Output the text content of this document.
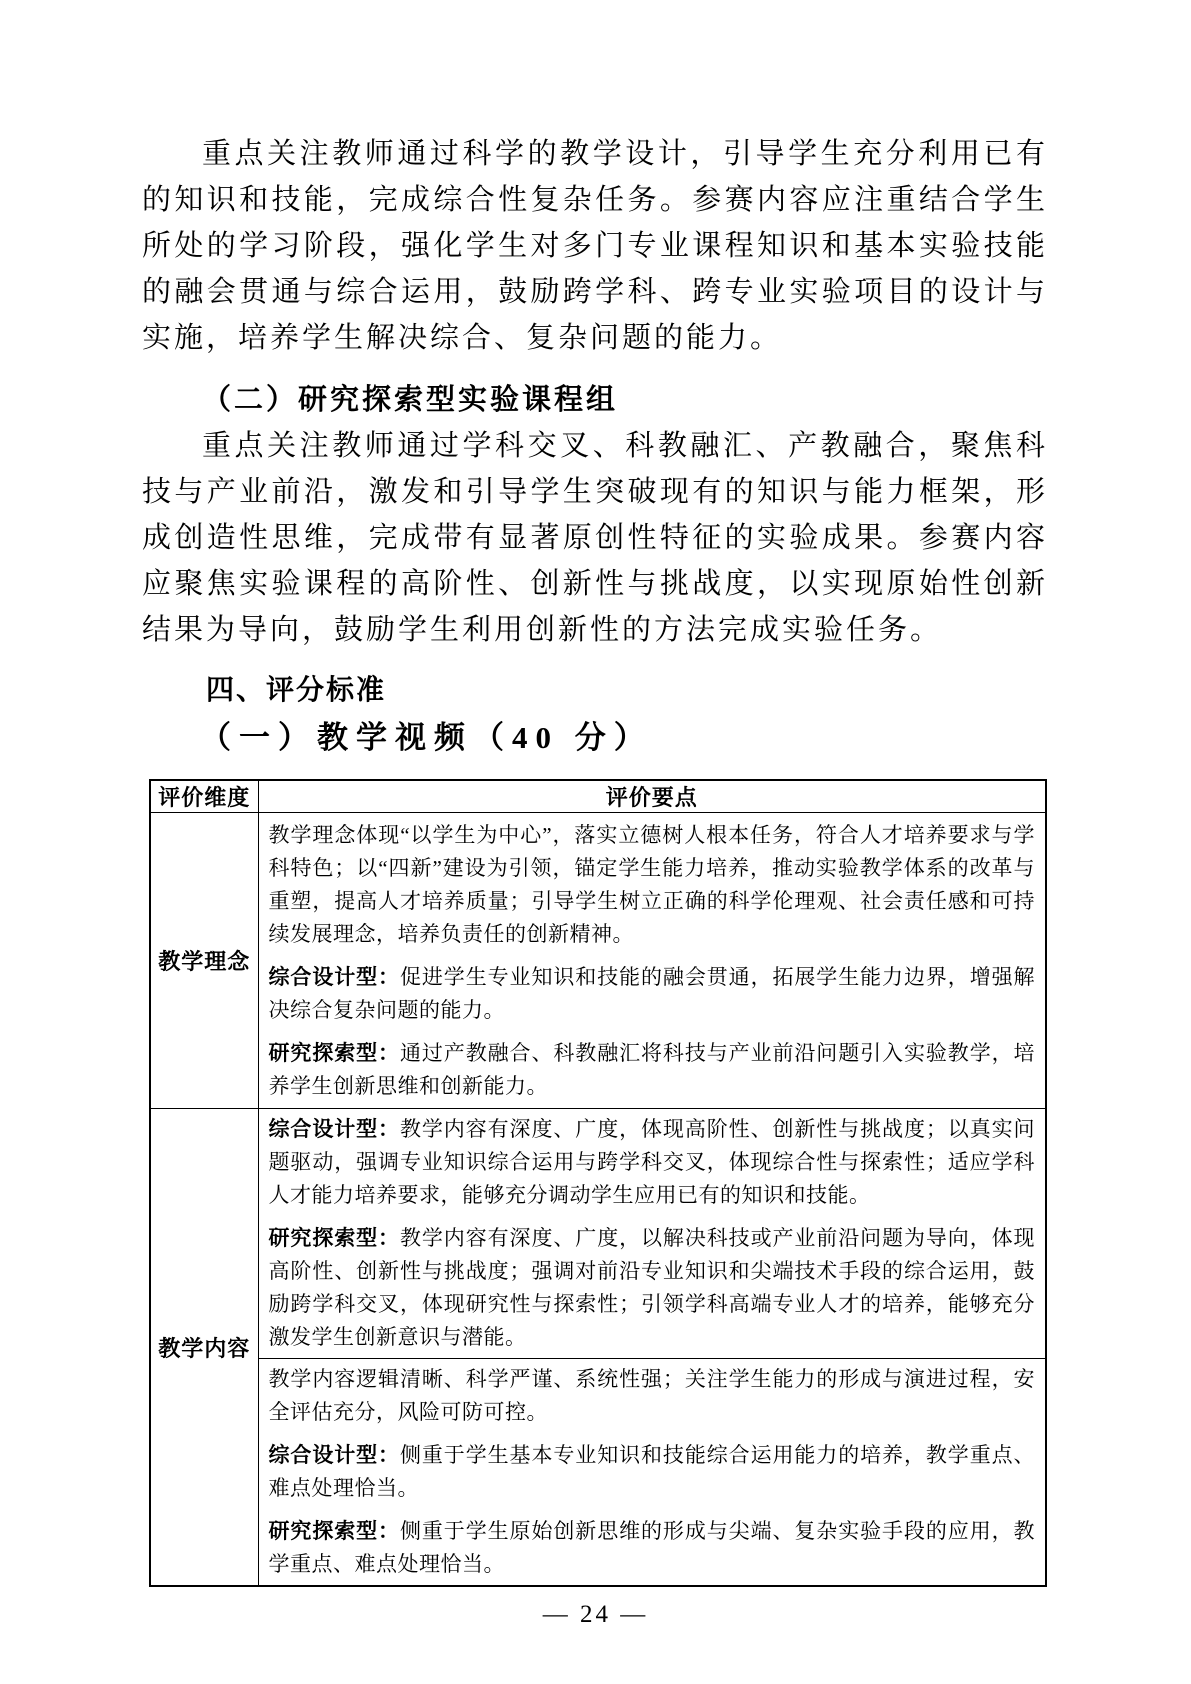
重点关注教师通过科学的教学设计，引导学生充分利用已有的知识和技能，完成综合性复杂任务。参赛内容应注重结合学生所处的学习阶段，强化学生对多门专业课程知识和基本实验技能的融会贯通与综合运用，鼓励跨学科、跨专业实验项目的设计与实施，培养学生解决综合、复杂问题的能力。

（二）研究探索型实验课程组

重点关注教师通过学科交叉、科教融汇、产教融合，聚焦科技与产业前沿，激发和引导学生突破现有的知识与能力框架，形成创造性思维，完成带有显著原创性特征的实验成果。参赛内容应聚焦实验课程的高阶性、创新性与挑战度，以实现原始性创新结果为导向，鼓励学生利用创新性的方法完成实验任务。

四、评分标准
（一）教学视频（40 分）
评价维度	评价要点
教学理念	教学理念体现“以学生为中心”，落实立德树人根本任务，符合人才培养要求与学科特色；以“四新”建设为引领，锚定学生能力培养，推动实验教学体系的改革与重塑，提高人才培养质量；引导学生树立正确的科学伦理观、社会责任感和可持续发展理念，培养负责任的创新精神。

综合设计型：促进学生专业知识和技能的融会贯通，拓展学生能力边界，增强解决综合复杂问题的能力。

研究探索型：通过产教融合、科教融汇将科技与产业前沿问题引入实验教学，培养学生创新思维和创新能力。

教学内容	综合设计型：教学内容有深度、广度，体现高阶性、创新性与挑战度；以真实问题驱动，强调专业知识综合运用与跨学科交叉，体现综合性与探索性；适应学科人才能力培养要求，能够充分调动学生应用已有的知识和技能。

研究探索型：教学内容有深度、广度，以解决科技或产业前沿问题为导向，体现高阶性、创新性与挑战度；强调对前沿专业知识和尖端技术手段的综合运用，鼓励跨学科交叉，体现研究性与探索性；引领学科高端专业人才的培养，能够充分激发学生创新意识与潜能。

	教学内容逻辑清晰、科学严谨、系统性强；关注学生能力的形成与演进过程，安全评估充分，风险可防可控。

综合设计型：侧重于学生基本专业知识和技能综合运用能力的培养，教学重点、难点处理恰当。

研究探索型：侧重于学生原始创新思维的形成与尖端、复杂实验手段的应用，教学重点、难点处理恰当。

— 24 —
